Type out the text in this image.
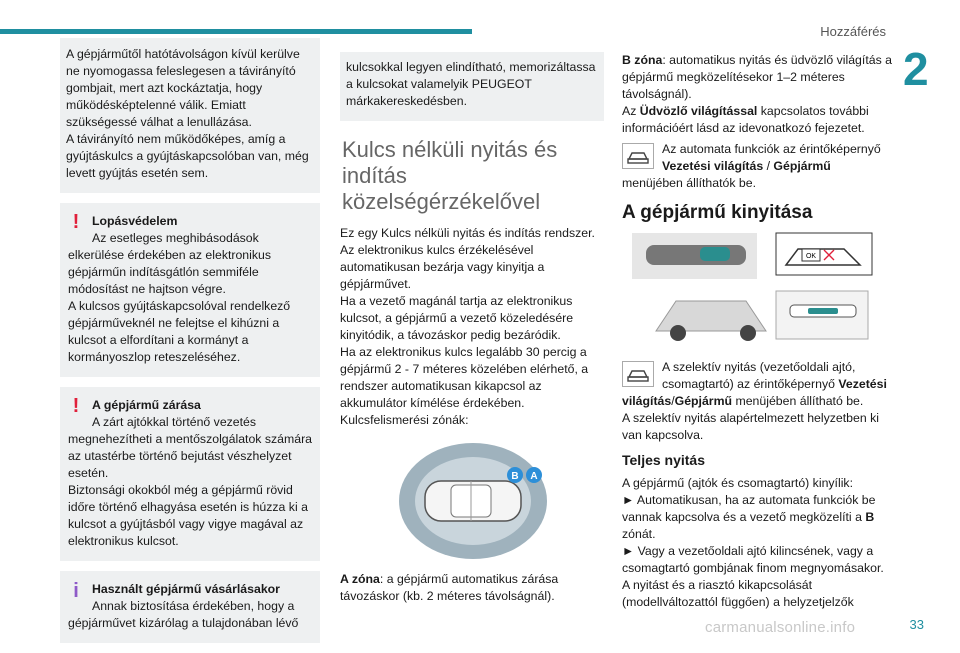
Hozzáférés
2

A gépjárműtől hatótávolságon kívül kerülve ne nyomogassa feleslegesen a távirányító gombjait, mert azt kockáztatja, hogy működésképtelenné válik. Emiatt szükségessé válhat a lenullázása.
A távirányító nem működőképes, amíg a gyújtáskulcs a gyújtáskapcsolóban van, még levett gyújtás esetén sem.

!	Lopásvédelem

Az esetleges meghibásodások elkerülése érdekében az elektronikus gépjárműn indításgátlón semmiféle módosítást ne hajtson végre.
A kulcsos gyújtáskapcsolóval rendelkező gépjárműveknél ne felejtse el kihúzni a kulcsot a elfordítani a kormányt a kormányoszlop reteszeléséhez.

!	A gépjármű zárása

A zárt ajtókkal történő vezetés megnehezítheti a mentőszolgálatok számára az utastérbe történő bejutást vészhelyzet esetén.
Biztonsági okokból még a gépjármű rövid időre történő elhagyása esetén is húzza ki a kulcsot a gyújtásból vagy vigye magával az elektronikus kulcsot.

i	Használt gépjármű vásárlásakor

Annak biztosítása érdekében, hogy a gépjárművet kizárólag a tulajdonában lévő

kulcsokkal legyen elindítható, memorizáltassa a kulcsokat valamelyik PEUGEOT márkakereskedésben.

Kulcs nélküli nyitás és indítás közelségérzékelővel

Ez egy Kulcs nélküli nyitás és indítás rendszer. Az elektronikus kulcs érzékelésével automatikusan bezárja vagy kinyitja a gépjárművet.
Ha a vezető magánál tartja az elektronikus kulcsot, a gépjármű a vezető közeledésére kinyitódik, a távozáskor pedig bezáródik.
Ha az elektronikus kulcs legalább 30 percig a gépjármű 2 - 7 méteres közelében elérhető, a rendszer automatikusan kikapcsol az akkumulátor kímélése érdekében.
Kulcsfelismerési zónák:

B A

A zóna: a gépjármű automatikus zárása távozáskor (kb. 2 méteres távolságnál).

B zóna: automatikus nyitás és üdvözlő világítás a gépjármű megközelítésekor 1–2 méteres távolságnál).

Az Üdvözlő világítással kapcsolatos további információért lásd az idevonatkozó fejezetet.

Az automata funkciók az érintőképernyő Vezetési világítás / Gépjármű menüjében állíthatók be.

A gépjármű kinyitása
OK

A szelektív nyitás (vezetőoldali ajtó, csomagtartó) az érintőképernyő Vezetési világítás/Gépjármű menüjében állítható be.

A szelektív nyitás alapértelmezett helyzetben ki van kapcsolva.

Teljes nyitás

A gépjármű (ajtók és csomagtartó) kinyílik:
► Automatikusan, ha az automata funkciók be vannak kapcsolva és a vezető megközelíti a B zónát.
► Vagy a vezetőoldali ajtó kilincsének, vagy a csomagtartó gombjának finom megnyomásakor.
A nyitást és a riasztó kikapcsolását (modellváltozattól függően) a helyzetjelzők

carmanualsonline.info	33
